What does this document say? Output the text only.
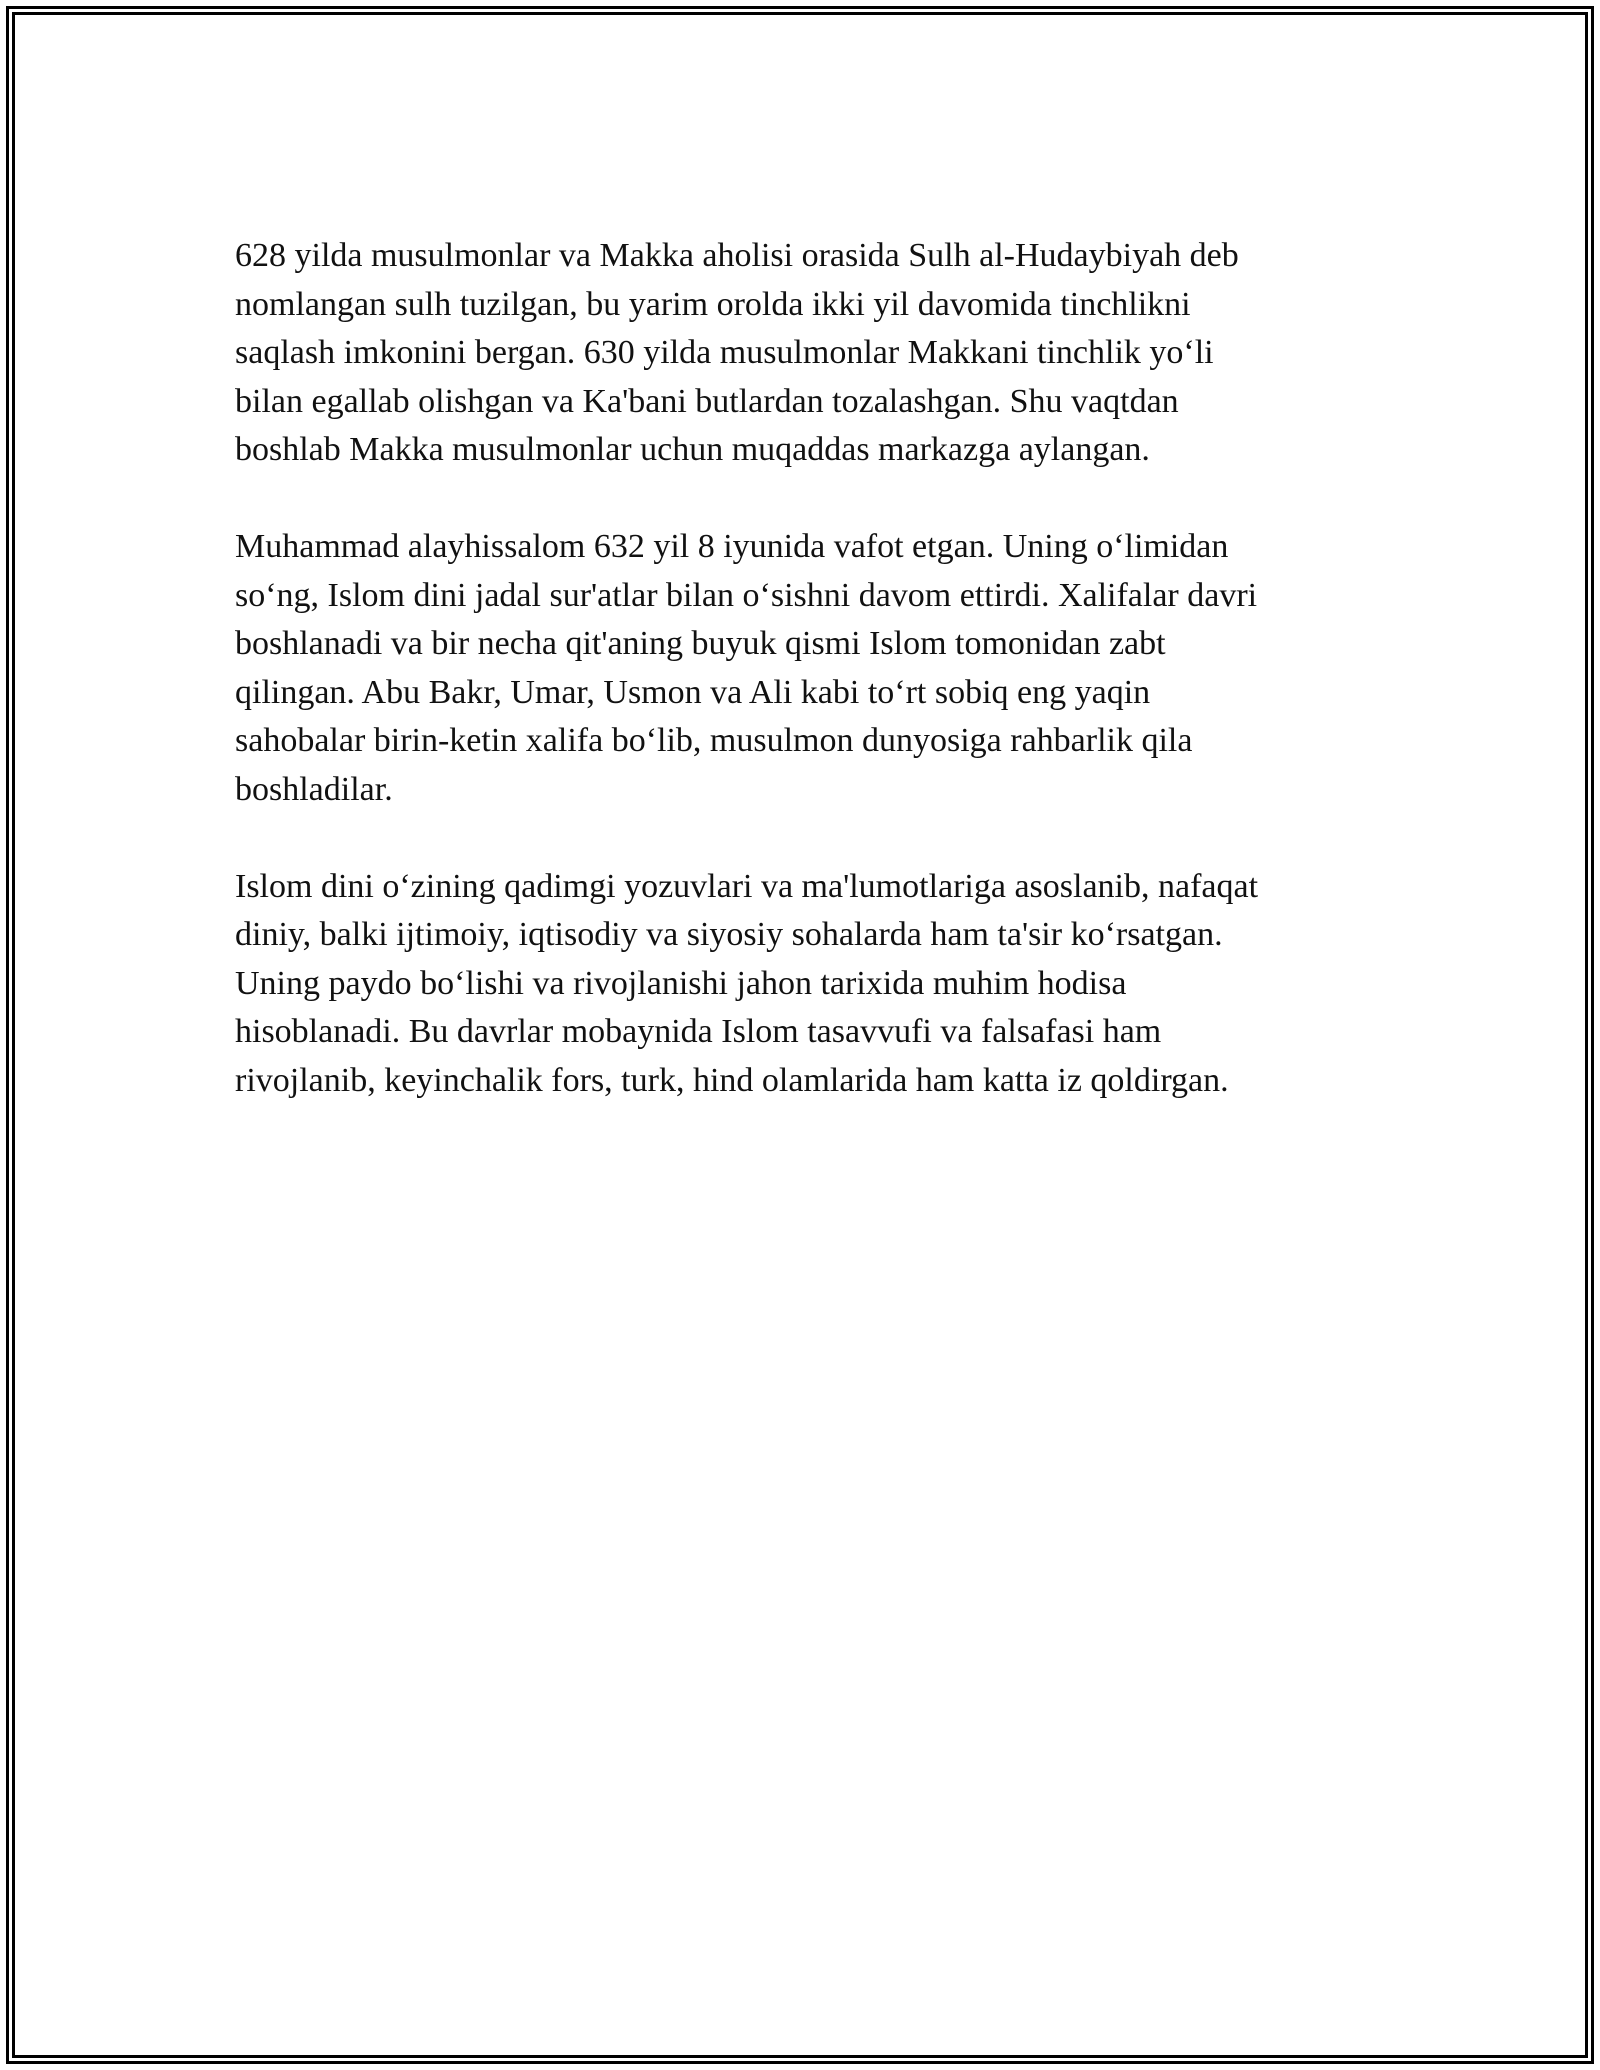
628 yilda musulmonlar va Makka aholisi orasida Sulh al-Hudaybiyah deb
nomlangan sulh tuzilgan, bu yarim orolda ikki yil davomida tinchlikni
saqlash imkonini bergan. 630 yilda musulmonlar Makkani tinchlik yo‘li
bilan egallab olishgan va Ka'bani butlardan tozalashgan. Shu vaqtdan
boshlab Makka musulmonlar uchun muqaddas markazga aylangan.

Muhammad alayhissalom 632 yil 8 iyunida vafot etgan. Uning o‘limidan
so‘ng, Islom dini jadal sur'atlar bilan o‘sishni davom ettirdi. Xalifalar davri
boshlanadi va bir necha qit'aning buyuk qismi Islom tomonidan zabt
qilingan. Abu Bakr, Umar, Usmon va Ali kabi to‘rt sobiq eng yaqin
sahobalar birin-ketin xalifa bo‘lib, musulmon dunyosiga rahbarlik qila
boshladilar.

Islom dini o‘zining qadimgi yozuvlari va ma'lumotlariga asoslanib, nafaqat
diniy, balki ijtimoiy, iqtisodiy va siyosiy sohalarda ham ta'sir ko‘rsatgan.
Uning paydo bo‘lishi va rivojlanishi jahon tarixida muhim hodisa
hisoblanadi. Bu davrlar mobaynida Islom tasavvufi va falsafasi ham
rivojlanib, keyinchalik fors, turk, hind olamlarida ham katta iz qoldirgan.
